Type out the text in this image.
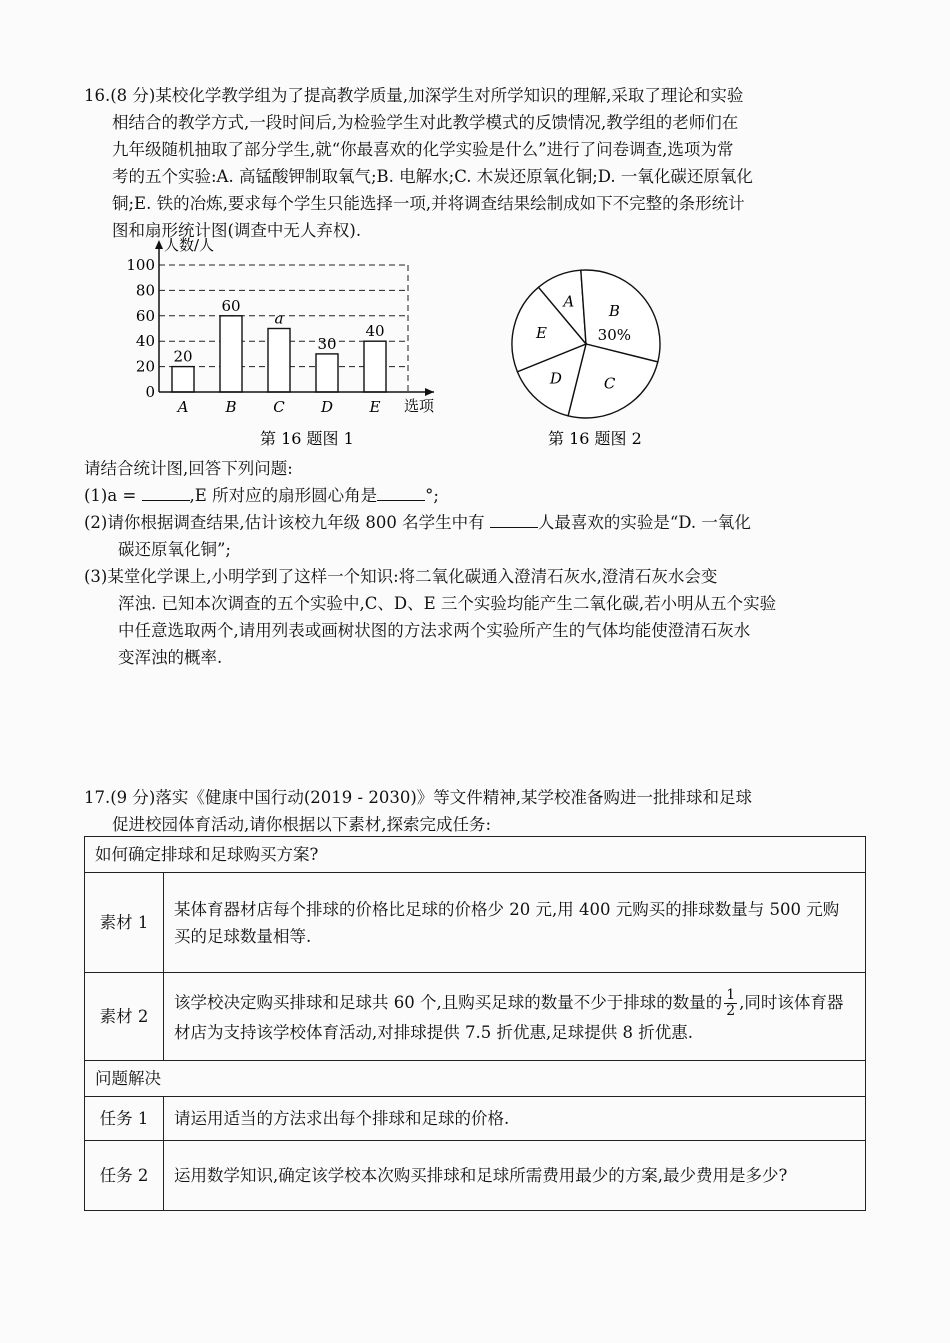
16.(8 分)某校化学教学组为了提高教学质量,加深学生对所学知识的理解,采取了理论和实验

相结合的教学方式,一段时间后,为检验学生对此教学模式的反馈情况,教学组的老师们在

九年级随机抽取了部分学生,就“你最喜欢的化学实验是什么”进行了问卷调查,选项为常

考的五个实验:A. 高锰酸钾制取氧气;B. 电解水;C. 木炭还原氧化铜;D. 一氧化碳还原氧化

铜;E. 铁的冶炼,要求每个学生只能选择一项,并将调查结果绘制成如下不完整的条形统计

图和扇形统计图(调查中无人弃权).

人数/人
选项
0
20
40
60
80
100
20
60
a
30
40
A B C D E
第 16 题图 1
A
B
30%
C
D
E
第 16 题图 2

请结合统计图,回答下列问题:

(1)a =	,E 所对应的扇形圆心角是	°;

(2)请你根据调查结果,估计该校九年级 800 名学生中有	人最喜欢的实验是“D. 一氧化
碳还原氧化铜”;

(3)某堂化学课上,小明学到了这样一个知识:将二氧化碳通入澄清石灰水,澄清石灰水会变
浑浊. 已知本次调查的五个实验中,C、D、E 三个实验均能产生二氧化碳,若小明从五个实验
中任意选取两个,请用列表或画树状图的方法求两个实验所产生的气体均能使澄清石灰水
变浑浊的概率.

17.(9 分)落实《健康中国行动(2019 - 2030)》等文件精神,某学校准备购进一批排球和足球

促进校园体育活动,请你根据以下素材,探索完成任务:

如何确定排球和足球购买方案?	
素材 1	某体育器材店每个排球的价格比足球的价格少 20 元,用 400 元购买的排球数量与 500 元购买的足球数量相等.
素材 2	该学校决定购买排球和足球共 60 个,且购买足球的数量不少于排球的数量的 $\frac{1}{2}$ ,同时该体育器材店为支持该学校体育活动,对排球提供 7.5 折优惠,足球提供 8 折优惠.
问题解决	
任务 1	请运用适当的方法求出每个排球和足球的价格.
任务 2	运用数学知识,确定该学校本次购买排球和足球所需费用最少的方案,最少费用是多少?
